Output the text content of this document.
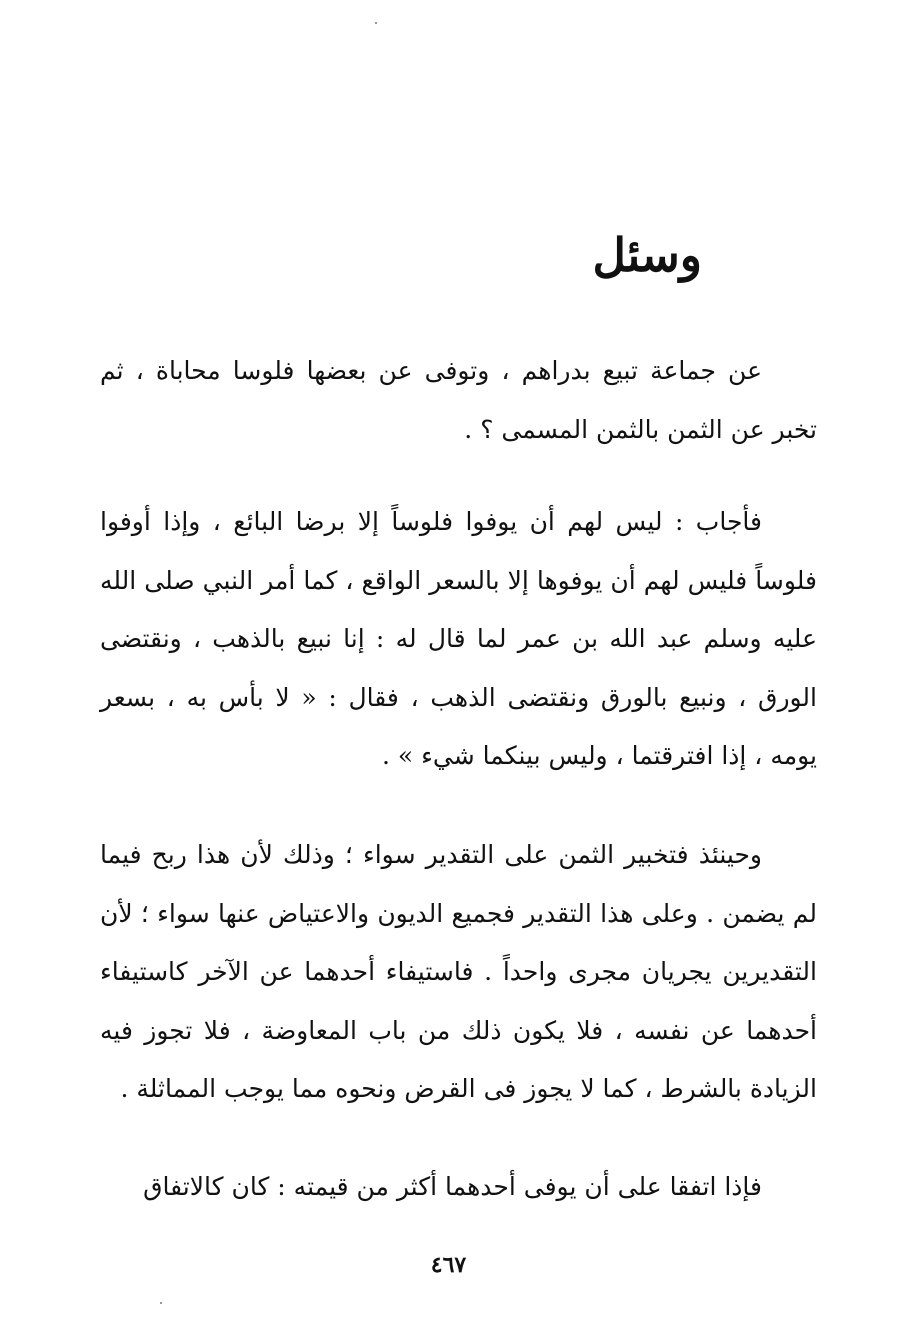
وسئل

عن جماعة تبيع بدراهم ، وتوفى عن بعضها فلوسا محاباة ، ثم تخبر عن الثمن بالثمن المسمى ؟ .

فأجاب : ليس لهم أن يوفوا فلوساً إلا برضا البائع ، وإذا أوفوا فلوساً فليس لهم أن يوفوها إلا بالسعر الواقع ، كما أمر النبي صلى الله عليه وسلم عبد الله بن عمر لما قال له : إنا نبيع بالذهب ، ونقتضى الورق ، ونبيع بالورق ونقتضى الذهب ، فقال : « لا بأس به ، بسعر يومه ، إذا افترقتما ، وليس بينكما شيء » .

وحينئذ فتخبير الثمن على التقدير سواء ؛ وذلك لأن هذا ربح فيما لم يضمن . وعلى هذا التقدير فجميع الديون والاعتياض عنها سواء ؛ لأن التقديرين يجريان مجرى واحداً . فاستيفاء أحدهما عن الآخر كاستيفاء أحدهما عن نفسه ، فلا يكون ذلك من باب المعاوضة ، فلا تجوز فيه الزيادة بالشرط ، كما لا يجوز فى القرض ونحوه مما يوجب المماثلة .

فإذا اتفقا على أن يوفى أحدهما أكثر من قيمته : كان كالاتفاق

٤٦٧
